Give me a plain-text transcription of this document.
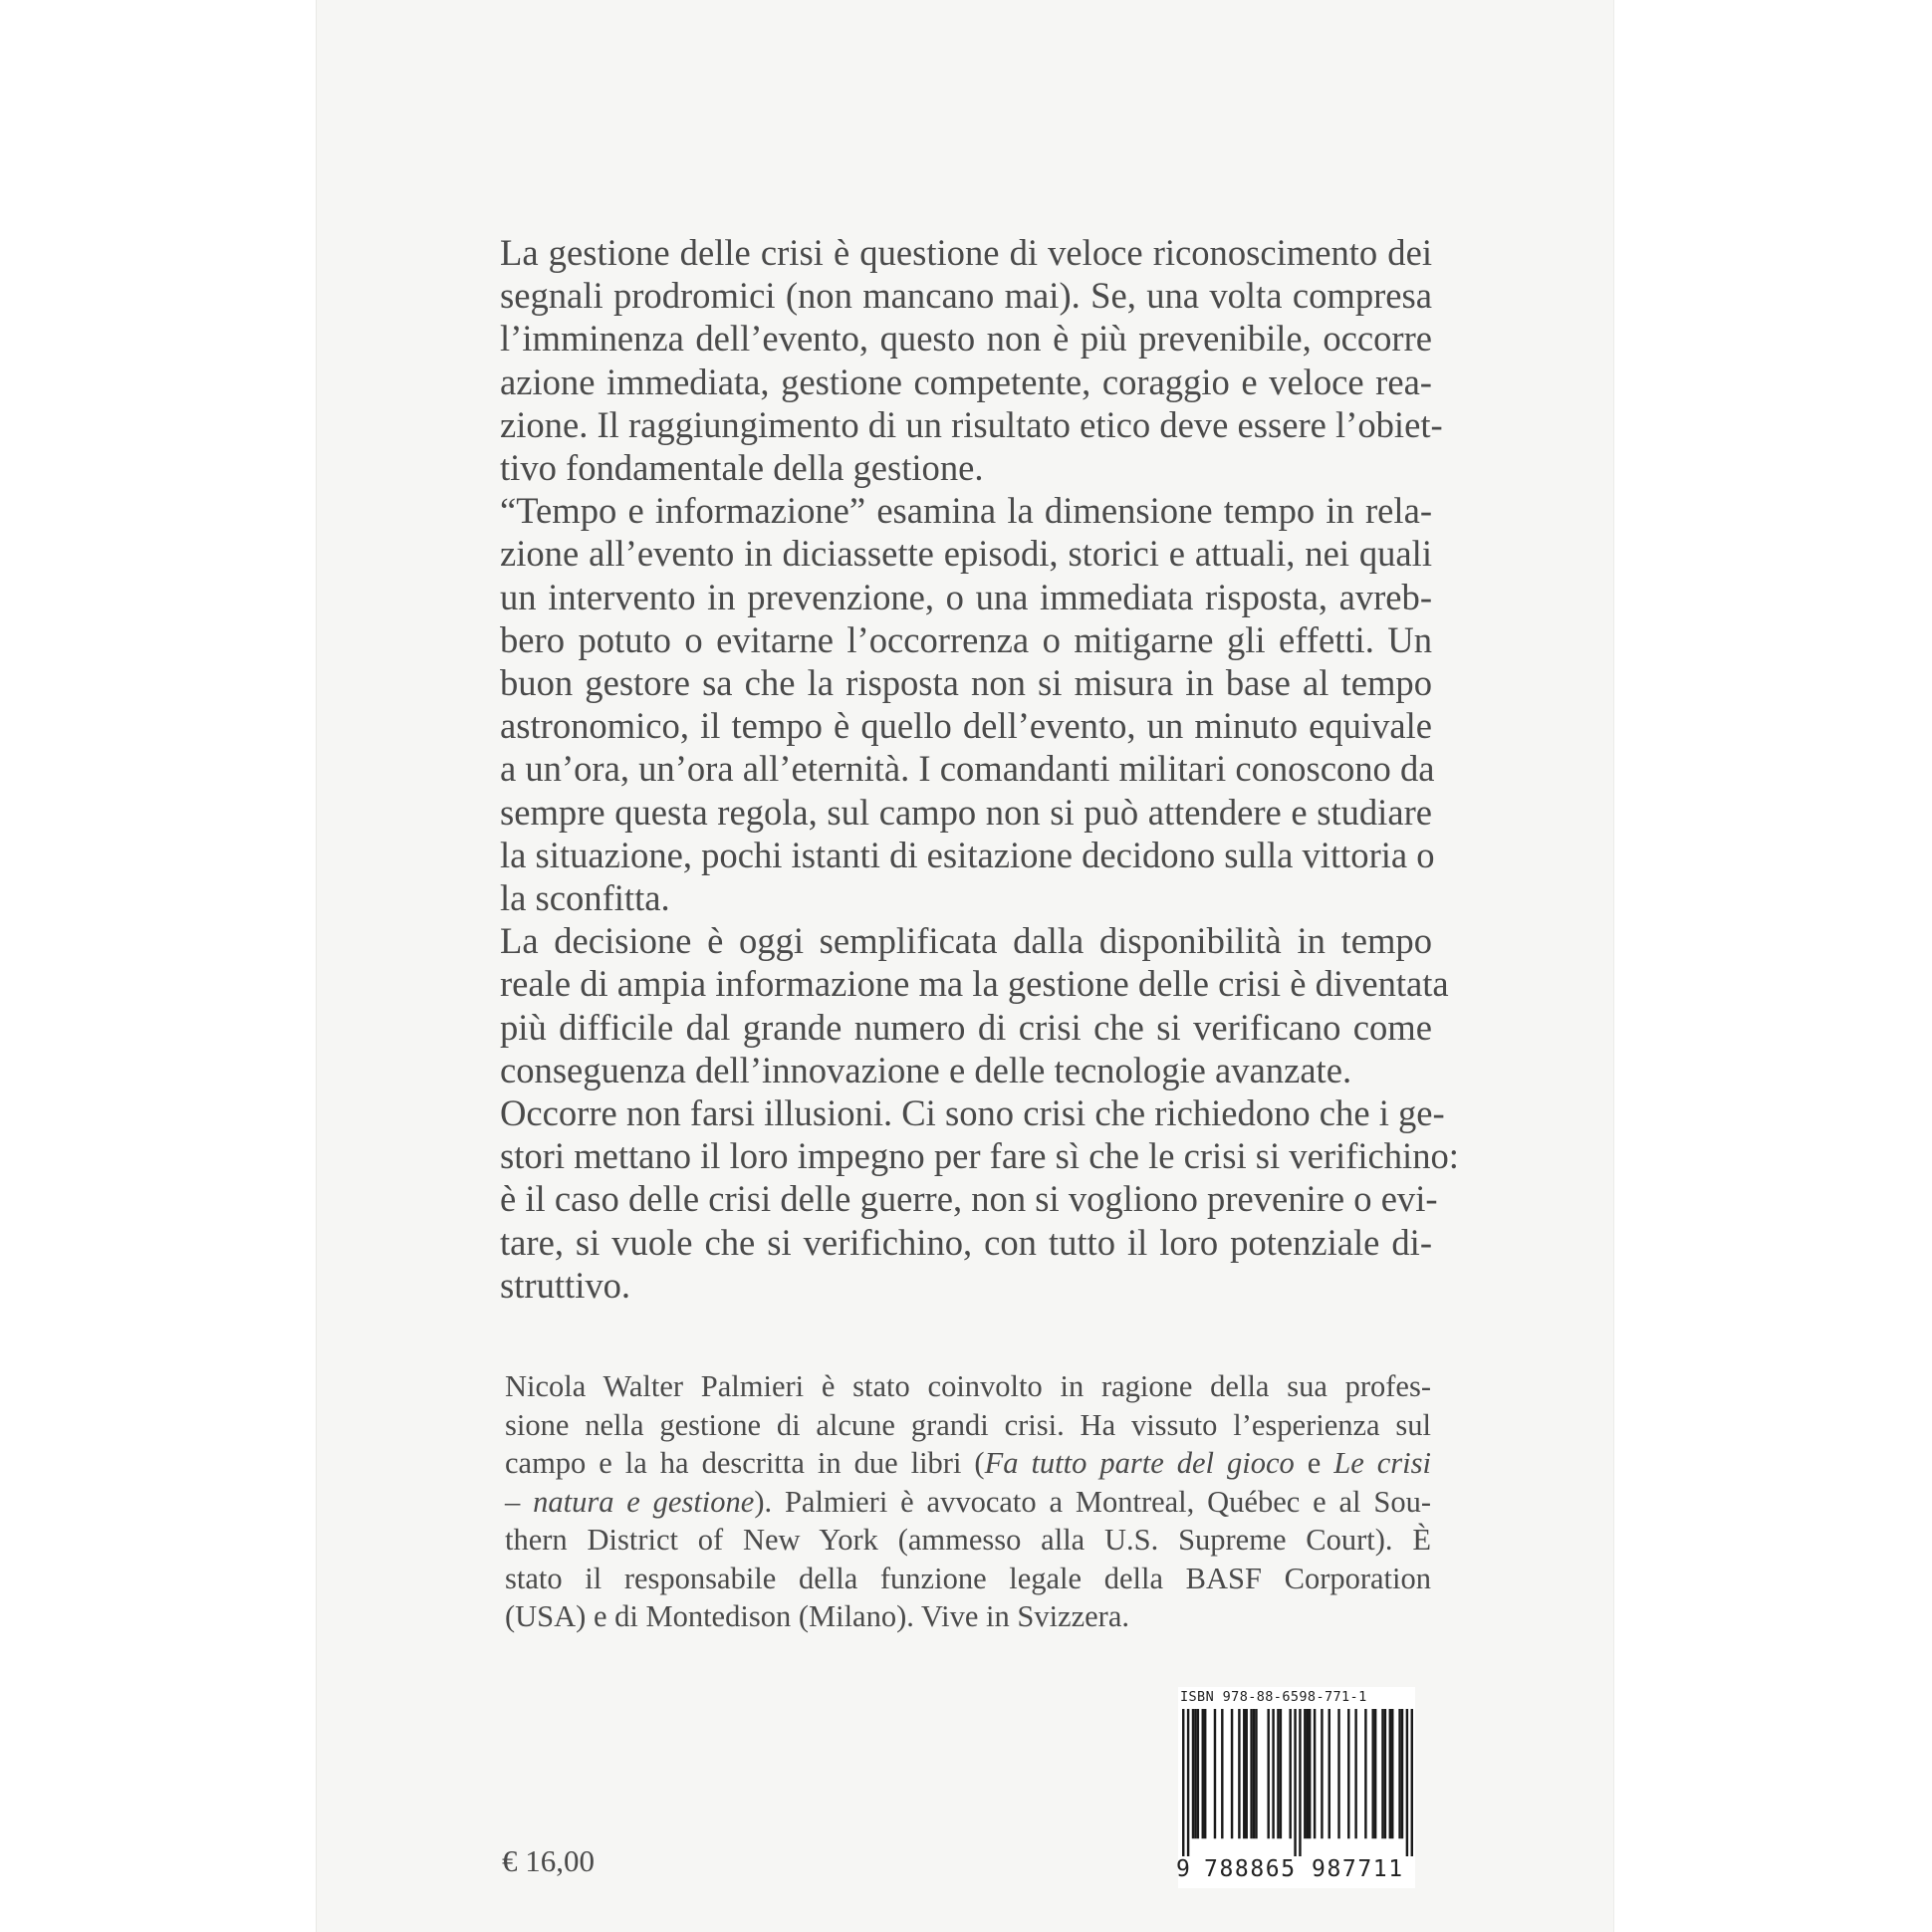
La gestione delle crisi è questione di veloce riconoscimento dei
segnali prodromici (non mancano mai). Se, una volta compresa
l’imminenza dell’evento, questo non è più prevenibile, occorre
azione immediata, gestione competente, coraggio e veloce rea-
zione. Il raggiungimento di un risultato etico deve essere l’obiet-
tivo fondamentale della gestione.
“Tempo e informazione” esamina la dimensione tempo in rela-
zione all’evento in diciassette episodi, storici e attuali, nei quali
un intervento in prevenzione, o una immediata risposta, avreb-
bero potuto o evitarne l’occorrenza o mitigarne gli effetti. Un
buon gestore sa che la risposta non si misura in base al tempo
astronomico, il tempo è quello dell’evento, un minuto equivale
a un’ora, un’ora all’eternità. I comandanti militari conoscono da
sempre questa regola, sul campo non si può attendere e studiare
la situazione, pochi istanti di esitazione decidono sulla vittoria o
la sconfitta.
La decisione è oggi semplificata dalla disponibilità in tempo
reale di ampia informazione ma la gestione delle crisi è diventata
più difficile dal grande numero di crisi che si verificano come
conseguenza dell’innovazione e delle tecnologie avanzate.
Occorre non farsi illusioni. Ci sono crisi che richiedono che i ge-
stori mettano il loro impegno per fare sì che le crisi si verifichino:
è il caso delle crisi delle guerre, non si vogliono prevenire o evi-
tare, si vuole che si verifichino, con tutto il loro potenziale di-
struttivo.
Nicola Walter Palmieri è stato coinvolto in ragione della sua profes-
sione nella gestione di alcune grandi crisi. Ha vissuto l’esperienza sul
campo e la ha descritta in due libri (Fa tutto parte del gioco e Le crisi
– natura e gestione). Palmieri è avvocato a Montreal, Québec e al Sou-
thern District of New York (ammesso alla U.S. Supreme Court). È
stato il responsabile della funzione legale della BASF Corporation
(USA) e di Montedison (Milano). Vive in Svizzera.
ISBN 978-88-6598-771-1
9 788865 987711
€ 16,00
